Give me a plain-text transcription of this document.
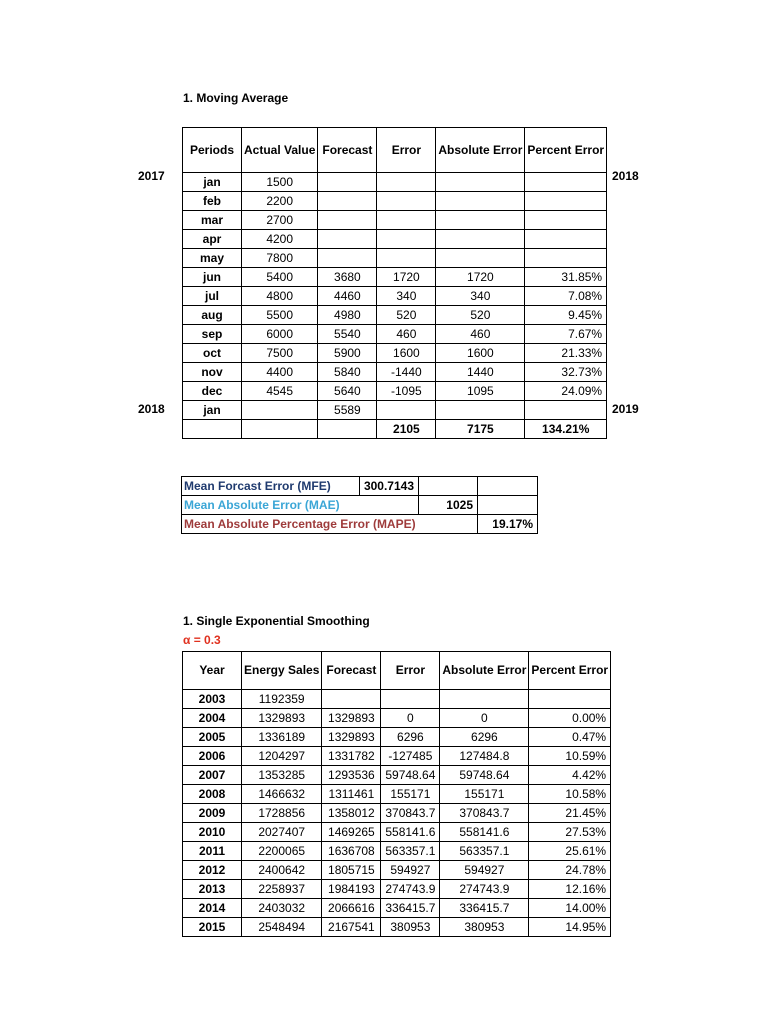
1. Moving Average
2017
2018
2018
2019
Periods	Actual Value	Forecast	Error	Absolute Error	Percent Error
jan	1500				
feb	2200				
mar	2700				
apr	4200				
may	7800				
jun	5400	3680	1720	1720	31.85%
jul	4800	4460	340	340	7.08%
aug	5500	4980	520	520	9.45%
sep	6000	5540	460	460	7.67%
oct	7500	5900	1600	1600	21.33%
nov	4400	5840	-1440	1440	32.73%
dec	4545	5640	-1095	1095	24.09%
jan		5589			
			2105	7175	134.21%
Mean Forcast Error (MFE)	300.7143		
Mean Absolute Error (MAE)		1025	
Mean Absolute Percentage Error (MAPE)			19.17%
1. Single Exponential Smoothing
α = 0.3
Year	Energy Sales	Forecast	Error	Absolute Error	Percent Error
2003	1192359				
2004	1329893	1329893	0	0	0.00%
2005	1336189	1329893	6296	6296	0.47%
2006	1204297	1331782	-127485	127484.8	10.59%
2007	1353285	1293536	59748.64	59748.64	4.42%
2008	1466632	1311461	155171	155171	10.58%
2009	1728856	1358012	370843.7	370843.7	21.45%
2010	2027407	1469265	558141.6	558141.6	27.53%
2011	2200065	1636708	563357.1	563357.1	25.61%
2012	2400642	1805715	594927	594927	24.78%
2013	2258937	1984193	274743.9	274743.9	12.16%
2014	2403032	2066616	336415.7	336415.7	14.00%
2015	2548494	2167541	380953	380953	14.95%
